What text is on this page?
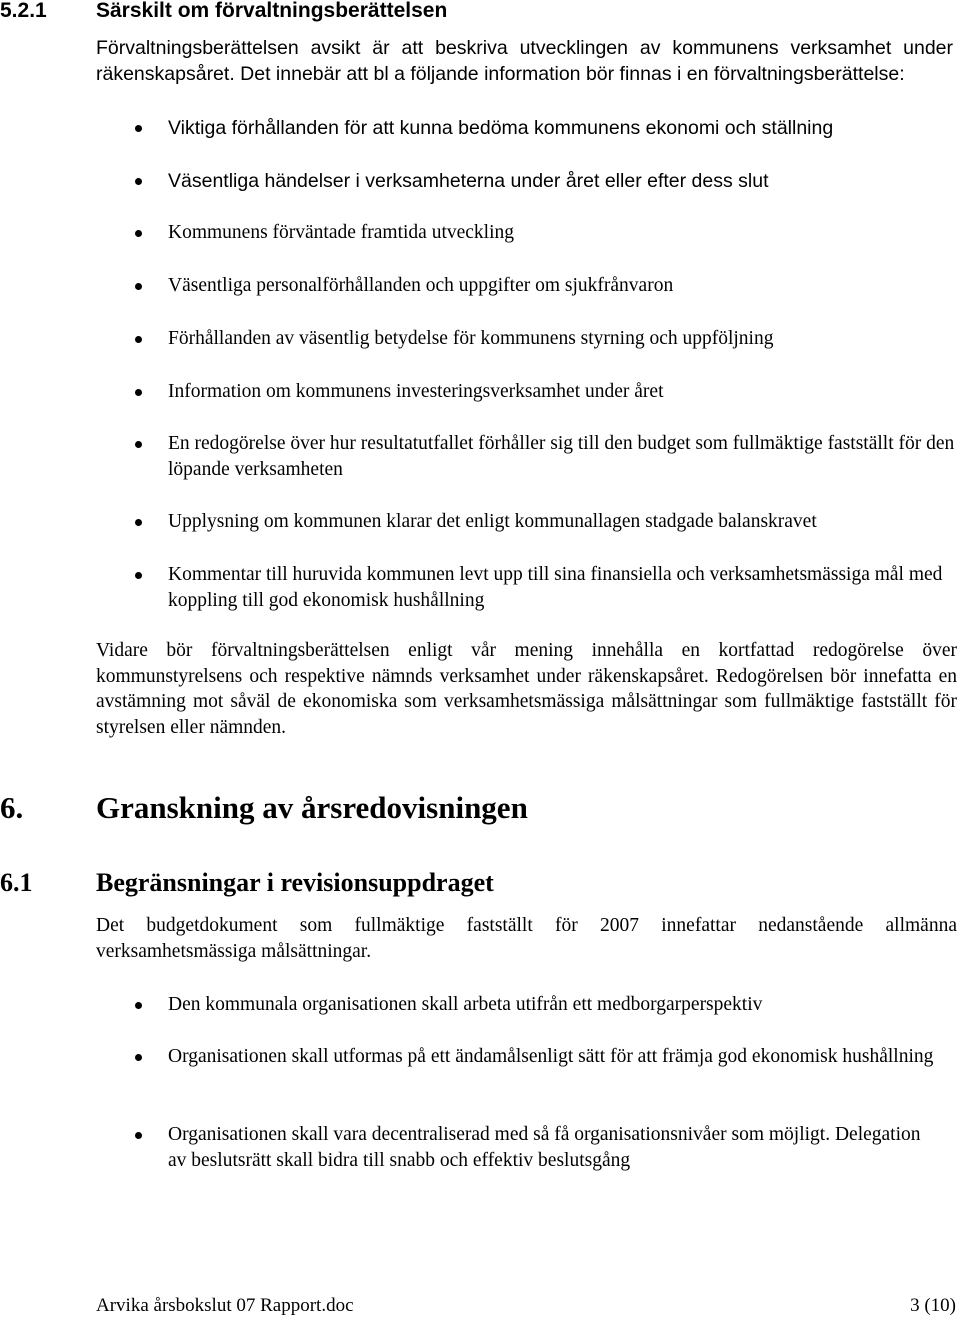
5.2.1 Särskilt om förvaltningsberättelsen

Förvaltningsberättelsen avsikt är att beskriva utvecklingen av kommunens verksamhet under räkenskapsåret. Det innebär att bl a följande information bör finnas i en förvaltningsberättelse:

Viktiga förhållanden för att kunna bedöma kommunens ekonomi och ställning
Väsentliga händelser i verksamheterna under året eller efter dess slut
Kommunens förväntade framtida utveckling
Väsentliga personalförhållanden och uppgifter om sjukfrånvaron
Förhållanden av väsentlig betydelse för kommunens styrning och uppföljning
Information om kommunens investeringsverksamhet under året
En redogörelse över hur resultatutfallet förhåller sig till den budget som fullmäktige fastställt för den löpande verksamheten
Upplysning om kommunen klarar det enligt kommunallagen stadgade balanskravet
Kommentar till huruvida kommunen levt upp till sina finansiella och verksamhetsmässiga mål med koppling till god ekonomisk hushållning

Vidare bör förvaltningsberättelsen enligt vår mening innehålla en kortfattad redogörelse över kommunstyrelsens och respektive nämnds verksamhet under räkenskapsåret. Redogörelsen bör innefatta en avstämning mot såväl de ekonomiska som verksamhetsmässiga målsättningar som fullmäktige fastställt för styrelsen eller nämnden.

6. Granskning av årsredovisningen
6.1 Begränsningar i revisionsuppdraget

Det budgetdokument som fullmäktige fastställt för 2007 innefattar nedanstående allmänna verksamhetsmässiga målsättningar.

Den kommunala organisationen skall arbeta utifrån ett medborgarperspektiv
Organisationen skall utformas på ett ändamålsenligt sätt för att främja god ekonomisk hushållning
Organisationen skall vara decentraliserad med så få organisationsnivåer som möjligt. Delegation av beslutsrätt skall bidra till snabb och effektiv beslutsgång
Arvika årsbokslut 07 Rapport.doc	3 (10)
